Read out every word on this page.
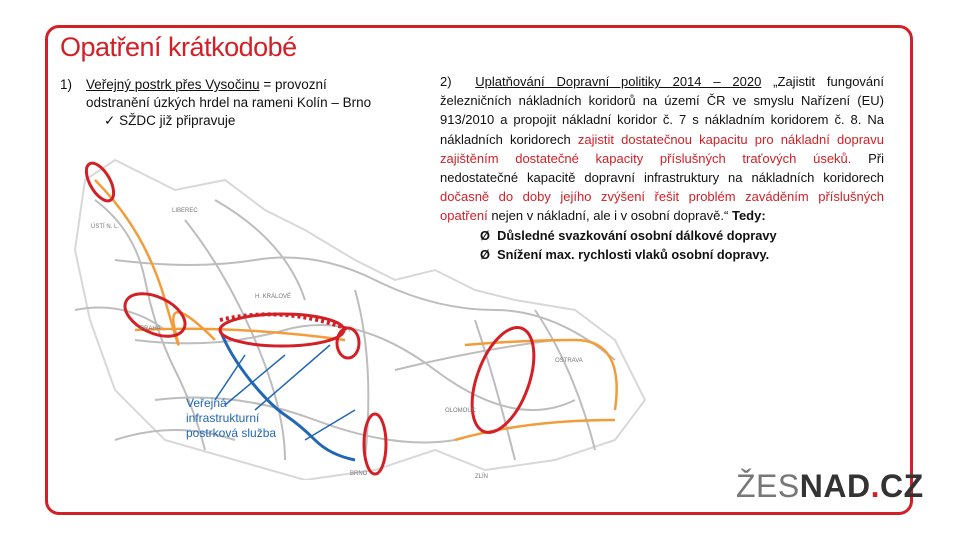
Opatření krátkodobé
1) Veřejný postrk přes Vysočinu = provozní
odstranění úzkých hrdel na rameni Kolín – Brno
✓ SŽDC již připravuje

2) Uplatňování Dopravní politiky 2014 – 2020 „Zajistit fungování železničních nákladních koridorů na území ČR ve smyslu Nařízení (EU) 913/2010 a propojit nákladní koridor č. 7 s nákladním koridorem č. 8. Na nákladních koridorech zajistit dostatečnou kapacitu pro nákladní dopravu zajištěním dostatečné kapacity příslušných traťových úseků. Při nedostatečné kapacitě dopravní infrastruktury na nákladních koridorech dočasně do doby jejího zvýšení řešit problém zaváděním příslušných opatření nejen v nákladní, ale i v osobní dopravě.“ Tedy:

Ø Důsledné svazkování osobní dálkové dopravy
Ø Snížení max. rychlosti vlaků osobní dopravy.
ÚSTÍ N. L.
LIBEREC
H. KRÁLOVÉ
PRAHA
OSTRAVA
OLOMOUC
BRNO	ZLÍN
Veřejná
infrastrukturní
postrková služba
ŽESNAD.CZ
